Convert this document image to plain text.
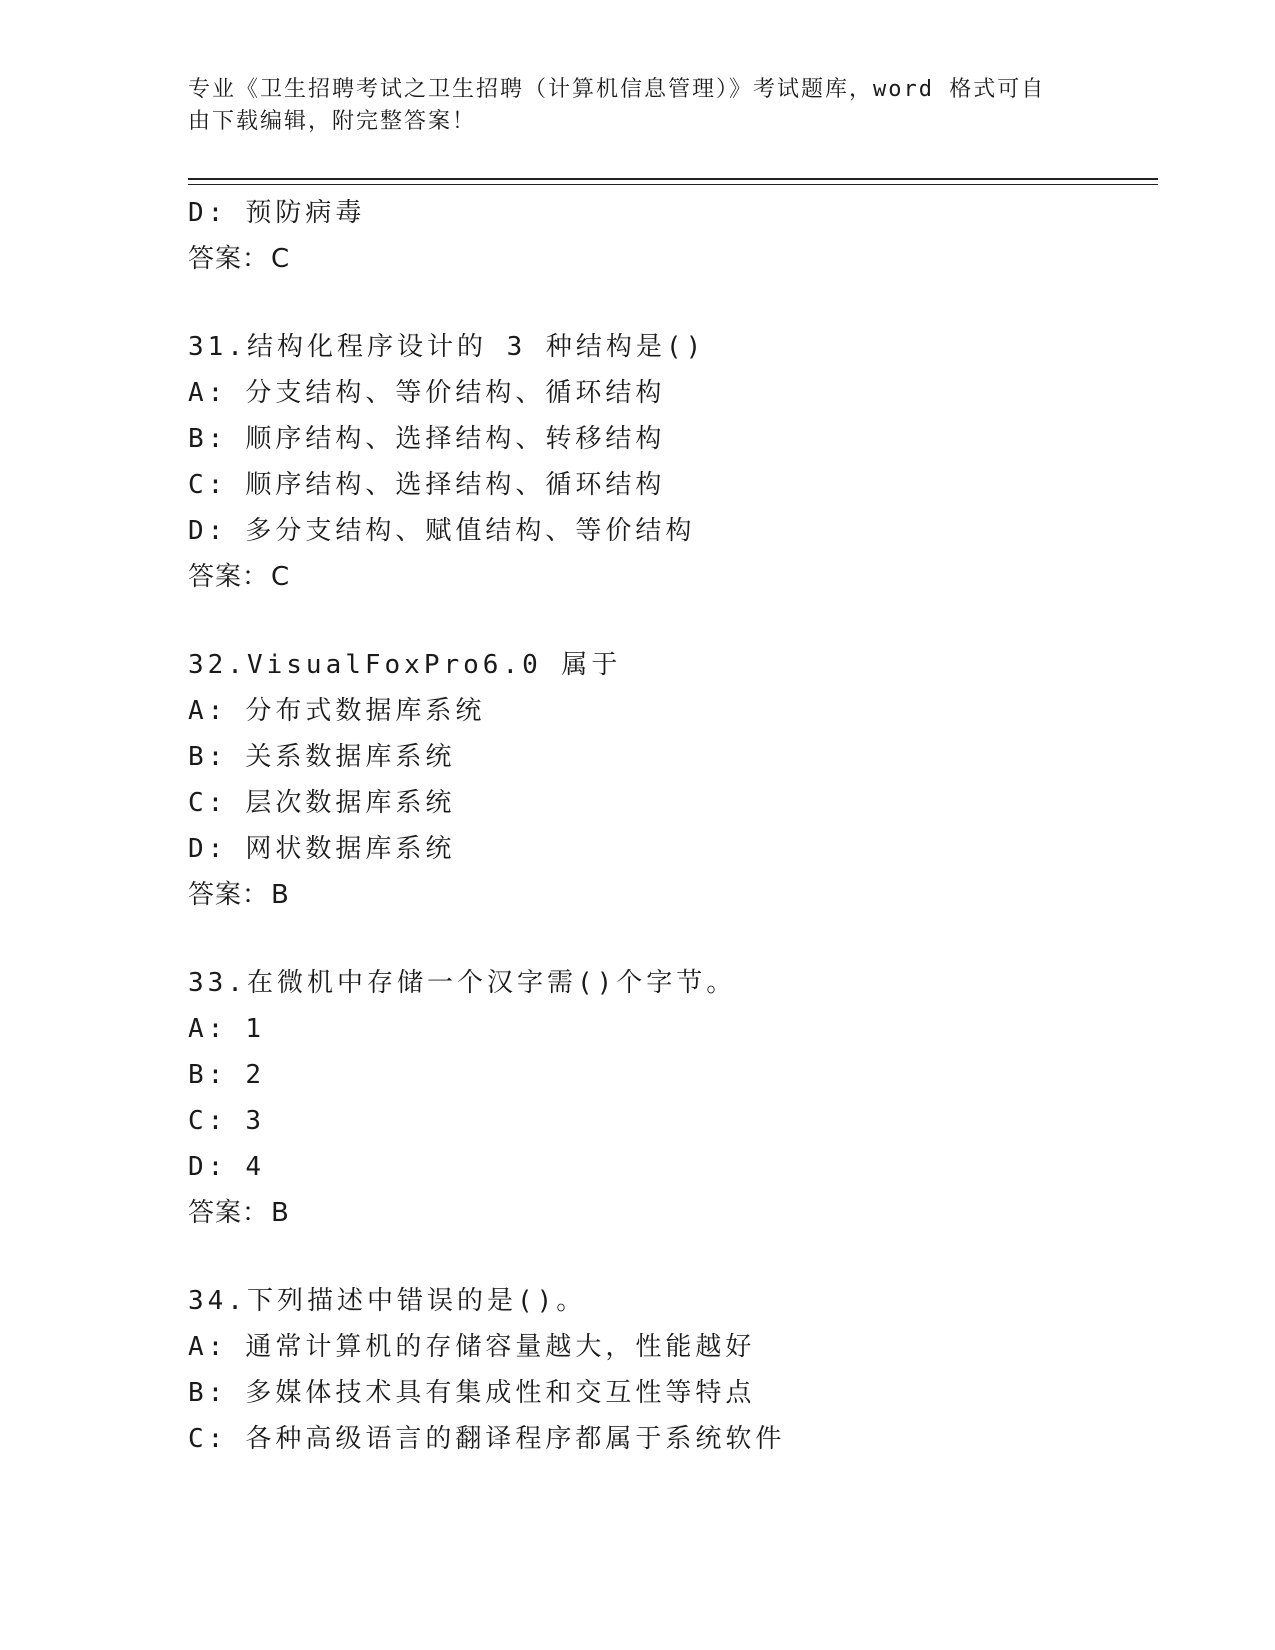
专业《卫生招聘考试之卫生招聘（计算机信息管理）》考试题库，word 格式可自
由下载编辑，附完整答案！
D: 预防病毒
答案：C
31.结构化程序设计的 3 种结构是()
A: 分支结构、等价结构、循环结构
B: 顺序结构、选择结构、转移结构
C: 顺序结构、选择结构、循环结构
D: 多分支结构、赋值结构、等价结构
答案：C
32.VisualFoxPro6.0 属于
A: 分布式数据库系统
B: 关系数据库系统
C: 层次数据库系统
D: 网状数据库系统
答案：B
33.在微机中存储一个汉字需()个字节。
A: 1
B: 2
C: 3
D: 4
答案：B
34.下列描述中错误的是()。
A: 通常计算机的存储容量越大，性能越好
B: 多媒体技术具有集成性和交互性等特点
C: 各种高级语言的翻译程序都属于系统软件
